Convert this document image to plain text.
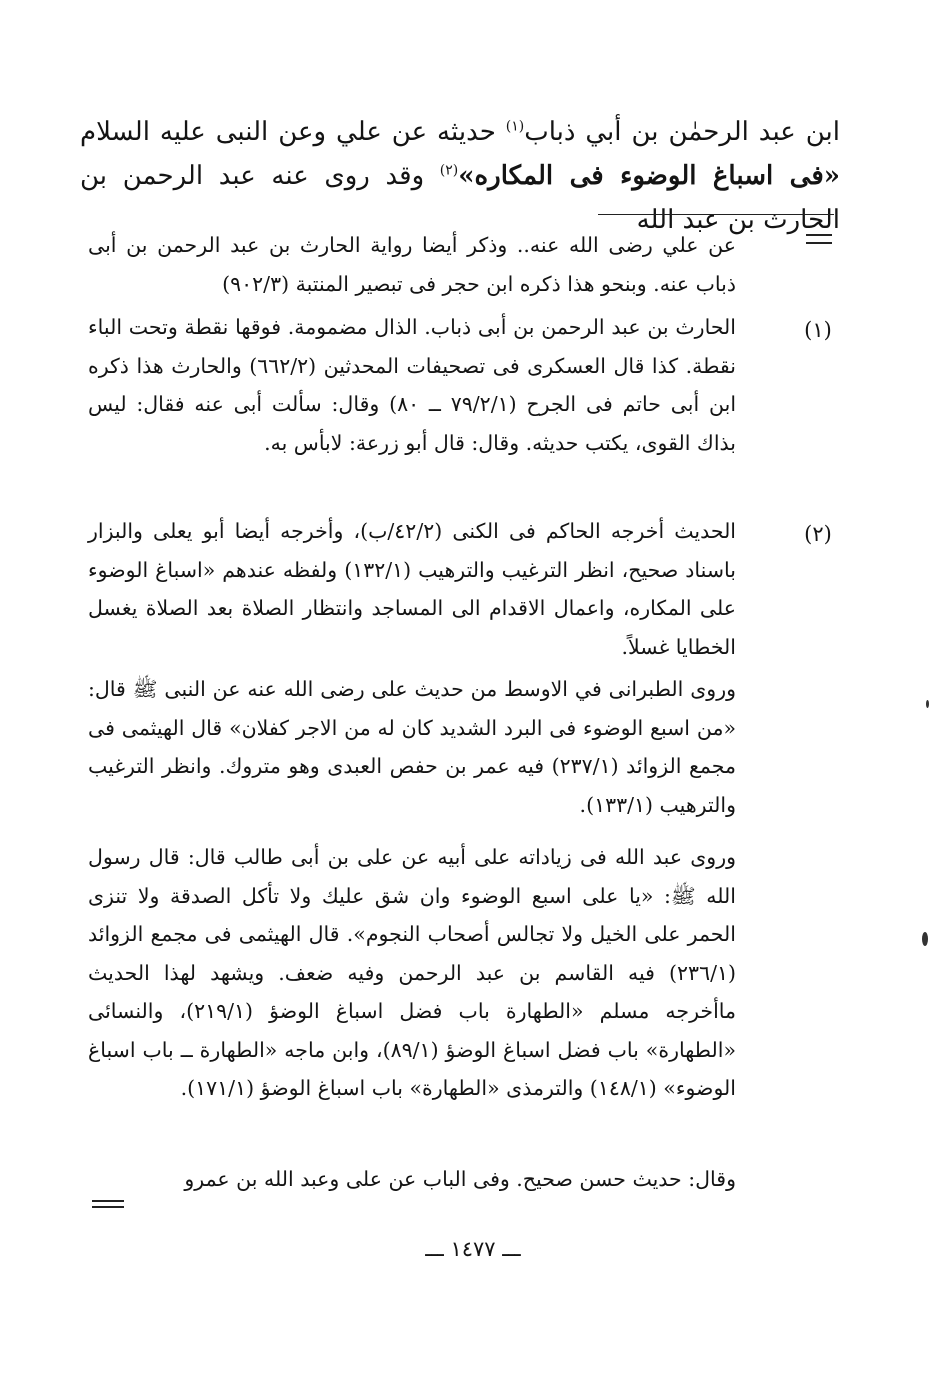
ابن عبد الرحمٰن بن أبي ذباب$^{(١)}$ حديثه عن علي وعن النبى عليه السلام «فى اسباغ الوضوء فى المكاره»$^{(٢)}$ وقد روى عنه عبد الرحمن بن الحارث بن عبد الله
عن علي رضى الله عنه.. وذكر أيضا رواية الحارث بن عبد الرحمن بن أبى ذباب عنه. وبنحو هذا ذكره ابن حجر فى تبصير المنتبة (٩٠٢/٣)
(١)
الحارث بن عبد الرحمن بن أبى ذباب. الذال مضمومة. فوقها نقطة وتحت الباء نقطة. كذا قال العسكرى فى تصحيفات المحدثين (٦٦٢/٢) والحارث هذا ذكره ابن أبى حاتم فى الجرح (٧٩/٢/١ ــ ٨٠) وقال: سألت أبى عنه فقال: ليس بذاك القوى، يكتب حديثه. وقال: قال أبو زرعة: لابأس به.
(٢)
الحديث أخرجه الحاكم فى الكنى (٤٢/٢/ب)، وأخرجه أيضا أبو يعلى والبزار باسناد صحيح، انظر الترغيب والترهيب (١٣٢/١) ولفظه عندهم «اسباغ الوضوء على المكاره، واعمال الاقدام الى المساجد وانتظار الصلاة بعد الصلاة يغسل الخطايا غسلاً.
وروى الطبرانى في الاوسط من حديث على رضى الله عنه عن النبى ﷺ قال: «من اسبع الوضوء فى البرد الشديد كان له من الاجر كفلان» قال الهيثمى فى مجمع الزوائد (٢٣٧/١) فيه عمر بن حفص العبدى وهو متروك. وانظر الترغيب والترهيب (١٣٣/١).
وروى عبد الله فى زياداته على أبيه عن على بن أبى طالب قال: قال رسول الله ﷺ: «يا على اسبع الوضوء وان شق عليك ولا تأكل الصدقة ولا تنزى الحمر على الخيل ولا تجالس أصحاب النجوم». قال الهيثمى فى مجمع الزوائد (٢٣٦/١) فيه القاسم بن عبد الرحمن وفيه ضعف. ويشهد لهذا الحديث ماأخرجه مسلم «الطهارة باب فضل اسباغ الوضؤ (٢١٩/١)، والنسائى «الطهارة» باب فضل اسباغ الوضؤ (٨٩/١)، وابن ماجه «الطهارة ــ باب اسباغ الوضوء» (١٤٨/١) والترمذى «الطهارة» باب اسباغ الوضؤ (١٧١/١).
وقال: حديث حسن صحيح. وفى الباب عن على وعبد الله بن عمرو
ـــ ١٤٧٧ ـــ
